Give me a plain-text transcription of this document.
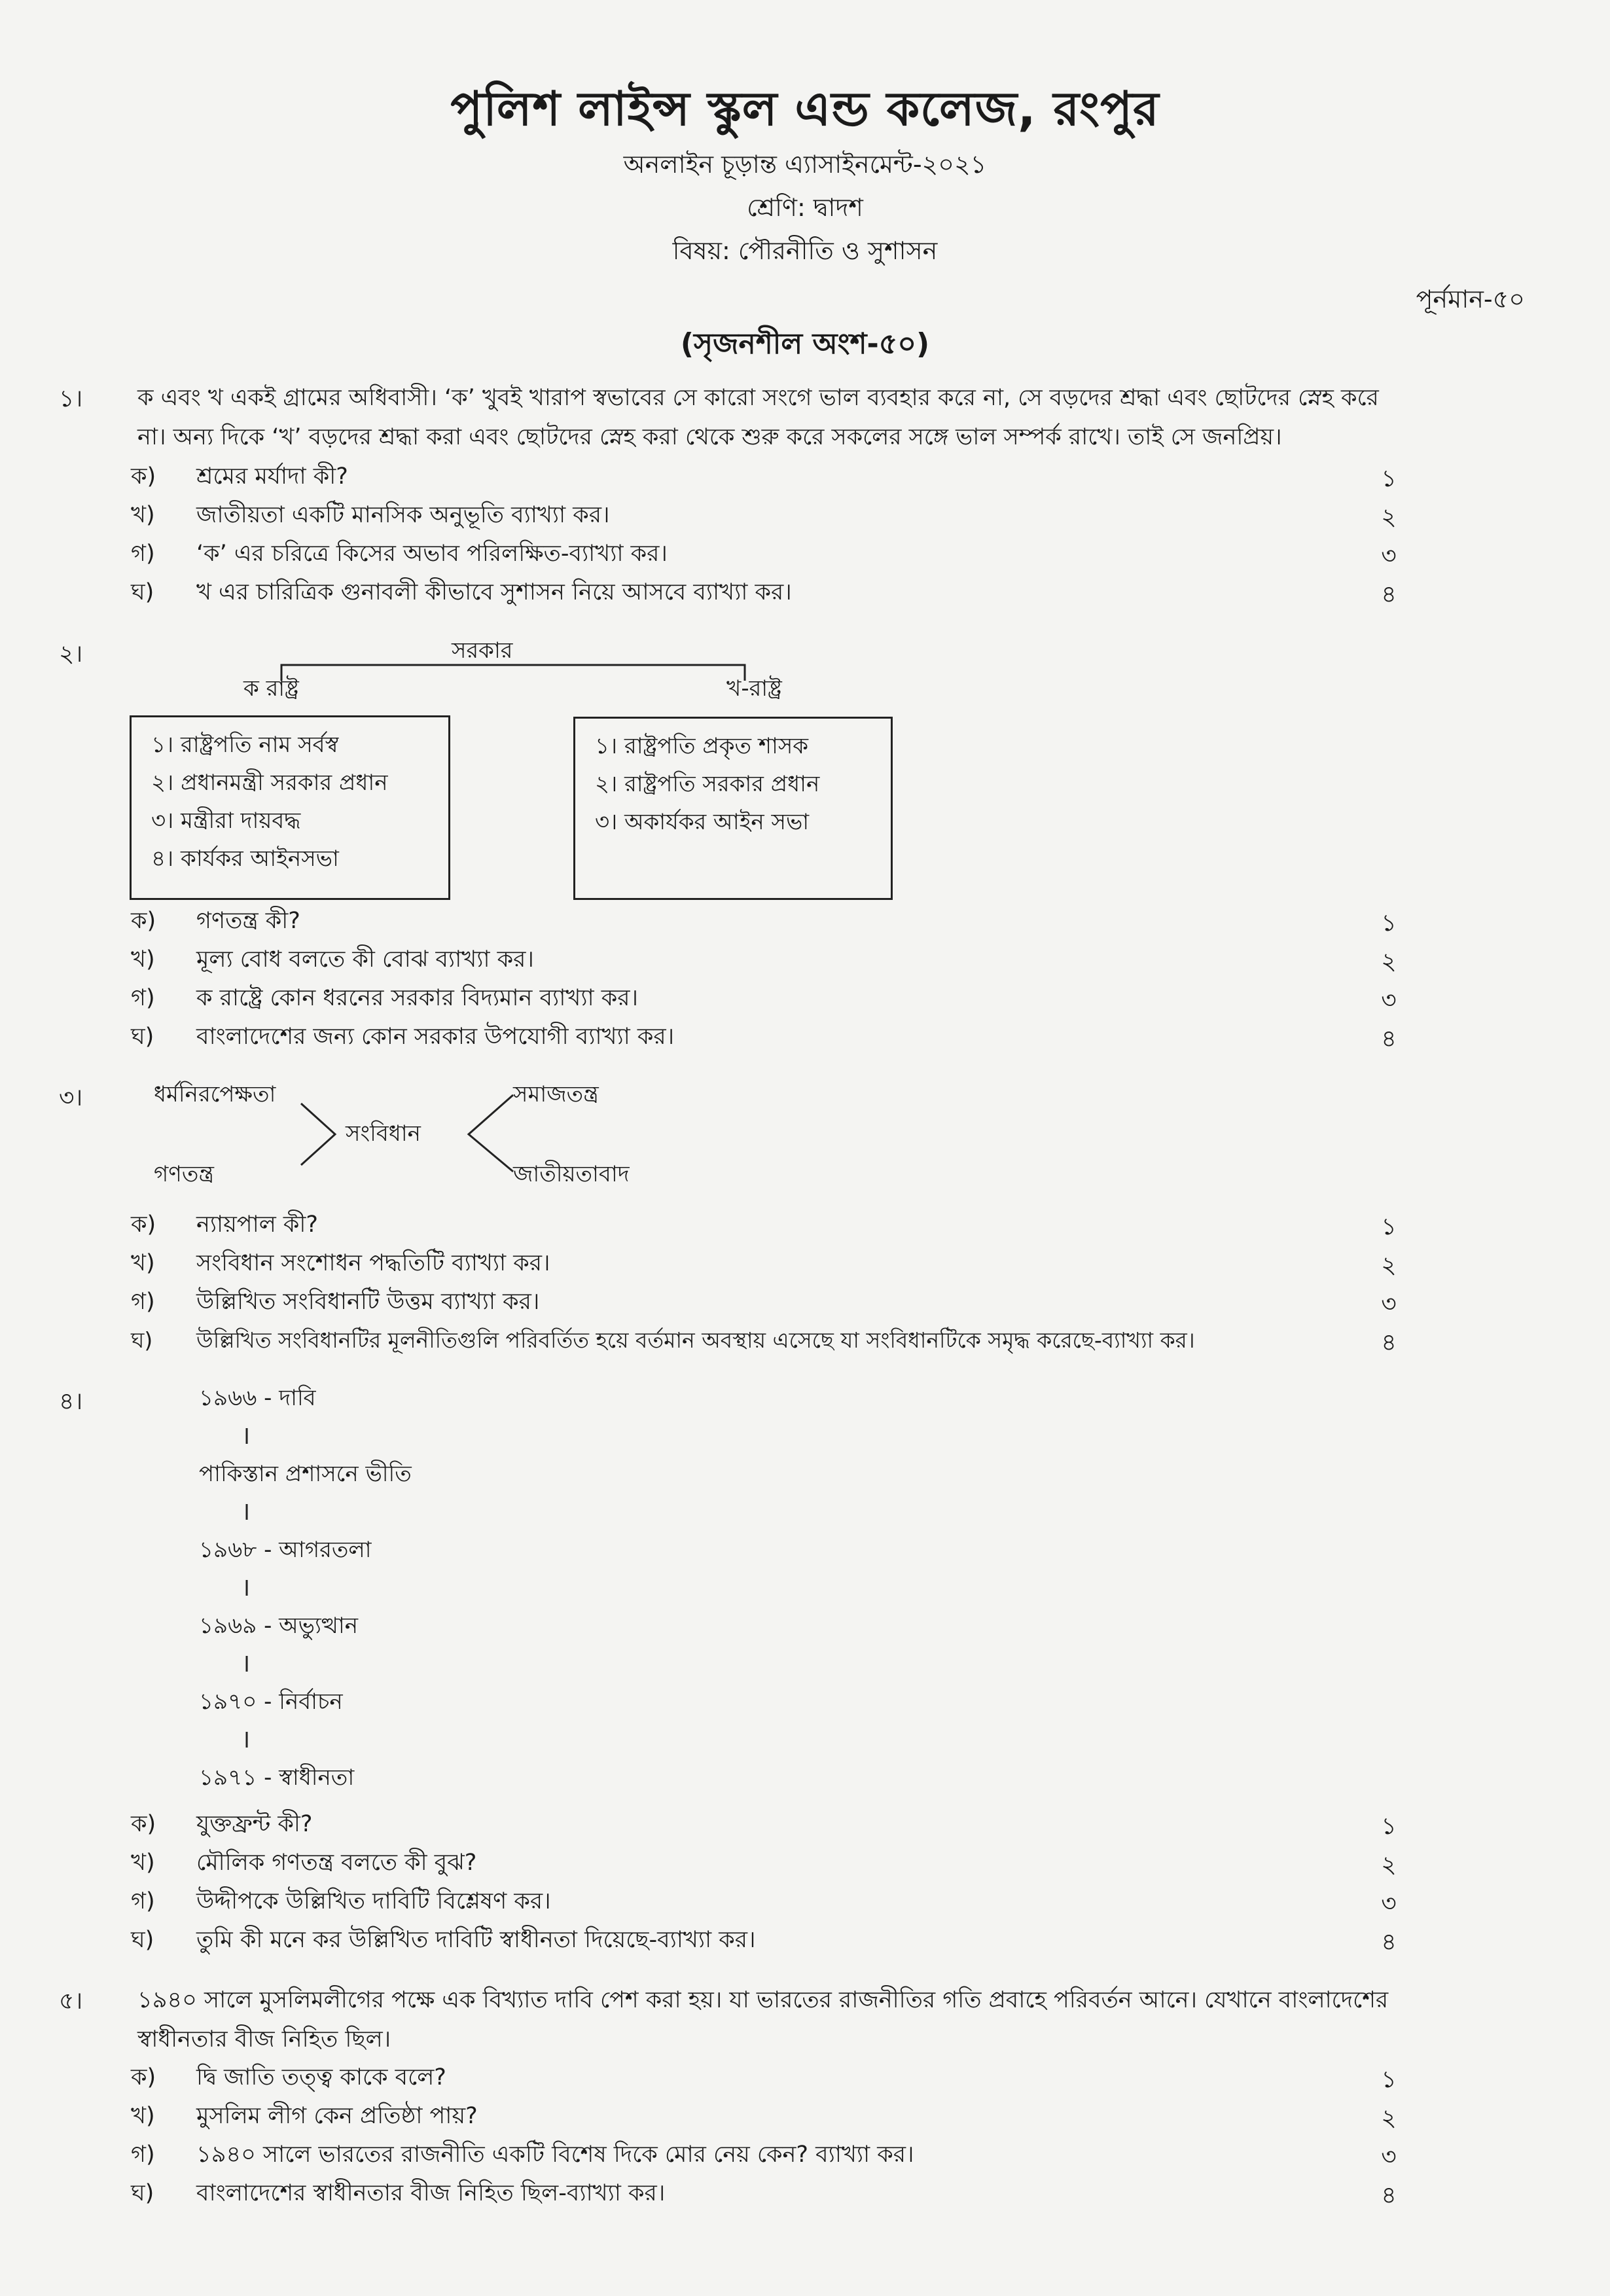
পুলিশ লাইন্স স্কুল এন্ড কলেজ, রংপুর
অনলাইন চূড়ান্ত এ্যাসাইনমেন্ট-২০২১
শ্রেণি: দ্বাদশ
বিষয়: পৌরনীতি ও সুশাসন
পূর্নমান-৫০
(সৃজনশীল অংশ-৫০)
১। ক এবং খ একই গ্রামের অধিবাসী। ‘ক’ খুবই খারাপ স্বভাবের সে কারো সংগে ভাল ব্যবহার করে না, সে বড়দের শ্রদ্ধা এবং ছোটদের স্নেহ করে
না। অন্য দিকে ‘খ’ বড়দের শ্রদ্ধা করা এবং ছোটদের স্নেহ করা থেকে শুরু করে সকলের সঙ্গে ভাল সম্পর্ক রাখে। তাই সে জনপ্রিয়।
ক) শ্রমের মর্যাদা কী?	১
খ) জাতীয়তা একটি মানসিক অনুভূতি ব্যাখ্যা কর।	২
গ) ‘ক’ এর চরিত্রে কিসের অভাব পরিলক্ষিত-ব্যাখ্যা কর।	৩
ঘ) খ এর চারিত্রিক গুনাবলী কীভাবে সুশাসন নিয়ে আসবে ব্যাখ্যা কর।	৪
২।	সরকার
ক রাষ্ট্র	খ-রাষ্ট্র
১। রাষ্ট্রপতি নাম সর্বস্ব
২। প্রধানমন্ত্রী সরকার প্রধান
৩। মন্ত্রীরা দায়বদ্ধ
৪। কার্যকর আইনসভা
১। রাষ্ট্রপতি প্রকৃত শাসক
২। রাষ্ট্রপতি সরকার প্রধান
৩। অকার্যকর আইন সভা
ক) গণতন্ত্র কী?	১
খ) মূল্য বোধ বলতে কী বোঝ ব্যাখ্যা কর।	২
গ) ক রাষ্ট্রে কোন ধরনের সরকার বিদ্যমান ব্যাখ্যা কর।	৩
ঘ) বাংলাদেশের জন্য কোন সরকার উপযোগী ব্যাখ্যা কর।	৪
৩।	ধর্মনিরপেক্ষতা
গণতন্ত্র
সংবিধান
সমাজতন্ত্র
জাতীয়তাবাদ
ক) ন্যায়পাল কী?	১
খ) সংবিধান সংশোধন পদ্ধতিটি ব্যাখ্যা কর।	২
গ) উল্লিখিত সংবিধানটি উত্তম ব্যাখ্যা কর।	৩
ঘ) উল্লিখিত সংবিধানটির মূলনীতিগুলি পরিবর্তিত হয়ে বর্তমান অবস্থায় এসেছে যা সংবিধানটিকে সমৃদ্ধ করেছে-ব্যাখ্যা কর।	৪
৪।	১৯৬৬ - দাবি
পাকিস্তান প্রশাসনে ভীতি
১৯৬৮ - আগরতলা
১৯৬৯ - অভ্যুত্থান
১৯৭০ - নির্বাচন
১৯৭১ - স্বাধীনতা
ক) যুক্তফ্রন্ট কী?	১
খ) মৌলিক গণতন্ত্র বলতে কী বুঝ?	২
গ) উদ্দীপকে উল্লিখিত দাবিটি বিশ্লেষণ কর।	৩
ঘ) তুমি কী মনে কর উল্লিখিত দাবিটি স্বাধীনতা দিয়েছে-ব্যাখ্যা কর।	৪
৫। ১৯৪০ সালে মুসলিমলীগের পক্ষে এক বিখ্যাত দাবি পেশ করা হয়। যা ভারতের রাজনীতির গতি প্রবাহে পরিবর্তন আনে। যেখানে বাংলাদেশের
স্বাধীনতার বীজ নিহিত ছিল।
ক) দ্বি জাতি তত্ত্ব কাকে বলে?	১
খ) মুসলিম লীগ কেন প্রতিষ্ঠা পায়?	২
গ) ১৯৪০ সালে ভারতের রাজনীতি একটি বিশেষ দিকে মোর নেয় কেন? ব্যাখ্যা কর।	৩
ঘ) বাংলাদেশের স্বাধীনতার বীজ নিহিত ছিল-ব্যাখ্যা কর।	৪
